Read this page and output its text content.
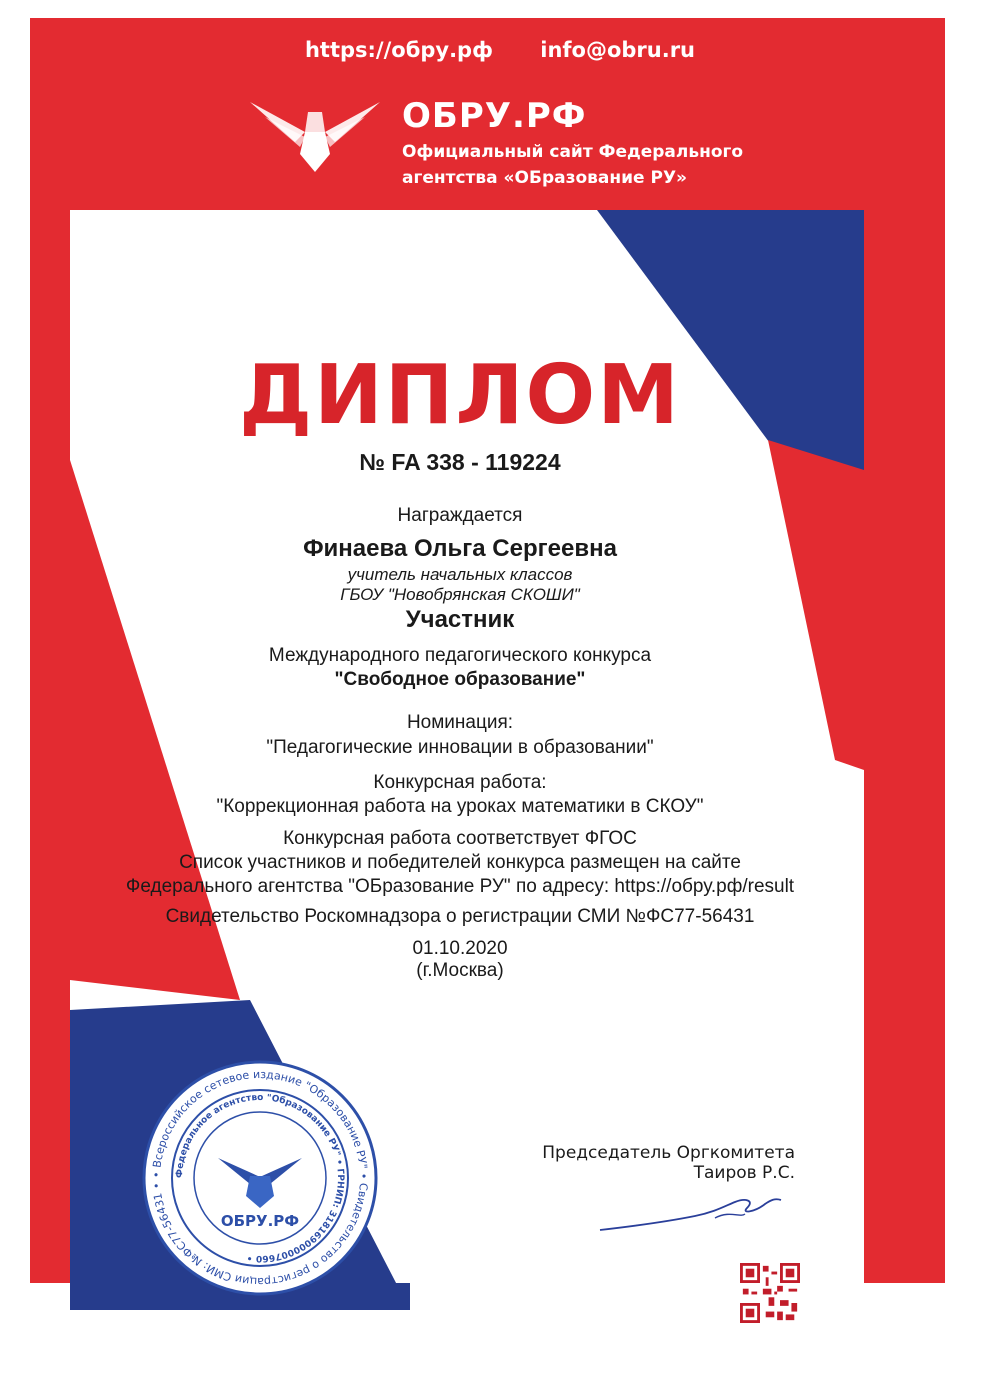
https://обру.рф info@obru.ru
ОБРУ.РФ
Официальный сайт Федерального
агентства «ОБразование РУ»
ДИПЛОМ
№ FA 338 - 119224
Награждается
Финаева Ольга Сергеевна
учитель начальных классов
ГБОУ "Новобрянская СКОШИ"
Участник
Международного педагогического конкурса
"Свободное образование"
Номинация:
"Педагогические инновации в образовании"
Конкурсная работа:
"Коррекционная работа на уроках математики в СКОУ"
Конкурсная работа соответствует ФГОС
Список участников и победителей конкурса размещен на сайте
Федерального агентства "ОБразование РУ" по адресу: https://обру.рф/result
Свидетельство Роскомнадзора о регистрации СМИ №ФС77-56431
01.10.2020
(г.Москва)
• Всероссийское сетевое издание "Образование РУ" • Свидетельство о регистрации СМИ: №ФС77-56431 •
Федеральное агентство "Образование РУ" • ГРНИП: 318169000007660 •
ОБРУ.РФ
Председатель Оргкомитета
Таиров Р.С.
